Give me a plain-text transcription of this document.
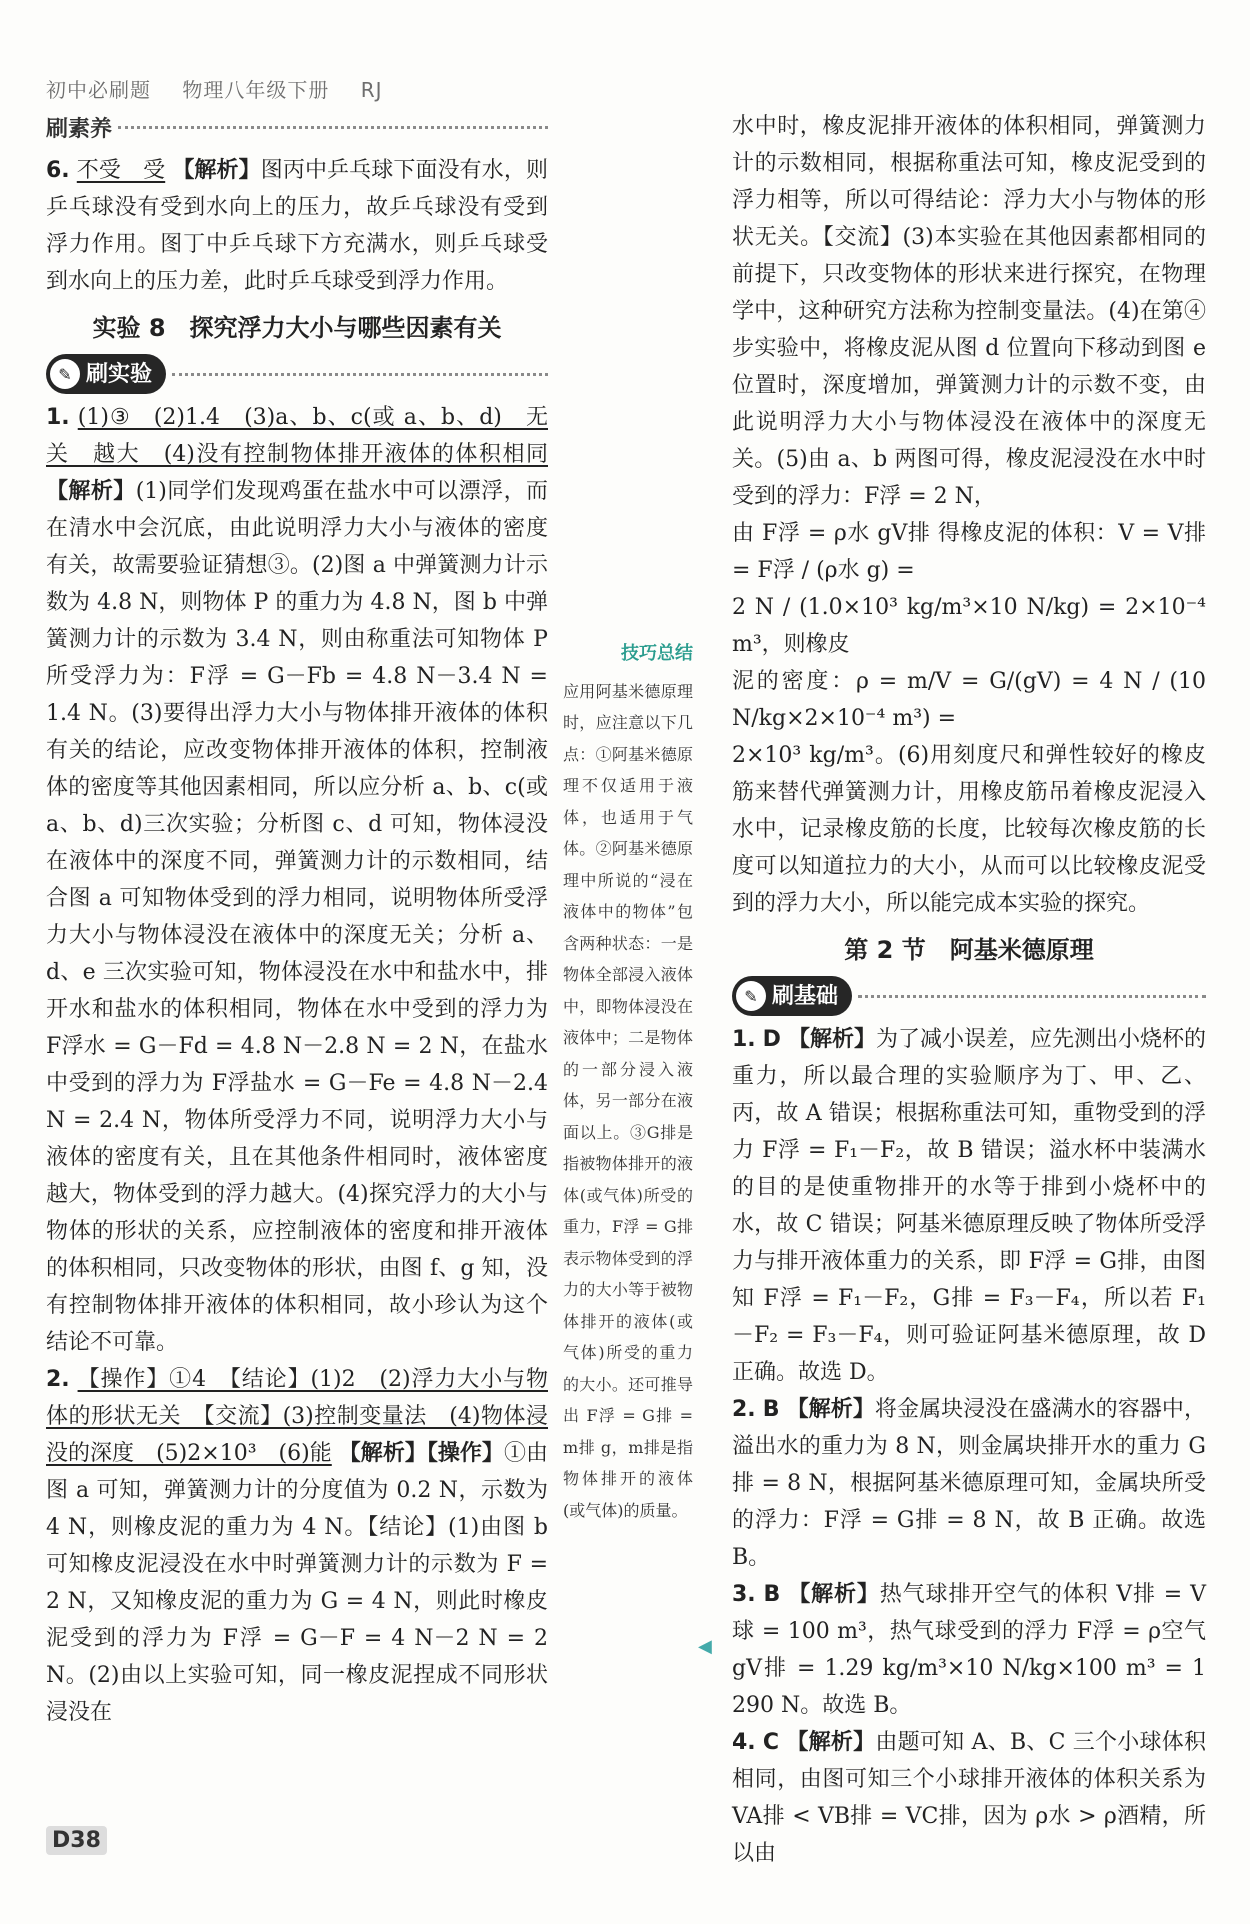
初中必刷题 物理八年级下册 RJ
刷素养

6. 不受　受 【解析】图丙中乒乓球下面没有水，则乒乓球没有受到水向上的压力，故乒乓球没有受到浮力作用。图丁中乒乓球下方充满水，则乒乓球受到水向上的压力差，此时乒乓球受到浮力作用。

实验 8　探究浮力大小与哪些因素有关
✎ 刷实验

1. (1)③　(2)1.4　(3)a、b、c(或 a、b、d)　无关　越大　(4)没有控制物体排开液体的体积相同 【解析】(1)同学们发现鸡蛋在盐水中可以漂浮，而在清水中会沉底，由此说明浮力大小与液体的密度有关，故需要验证猜想③。(2)图 a 中弹簧测力计示数为 4.8 N，则物体 P 的重力为 4.8 N，图 b 中弹簧测力计的示数为 3.4 N，则由称重法可知物体 P 所受浮力为：F浮 = G－Fb = 4.8 N－3.4 N = 1.4 N。(3)要得出浮力大小与物体排开液体的体积有关的结论，应改变物体排开液体的体积，控制液体的密度等其他因素相同，所以应分析 a、b、c(或 a、b、d)三次实验；分析图 c、d 可知，物体浸没在液体中的深度不同，弹簧测力计的示数相同，结合图 a 可知物体受到的浮力相同，说明物体所受浮力大小与物体浸没在液体中的深度无关；分析 a、d、e 三次实验可知，物体浸没在水中和盐水中，排开水和盐水的体积相同，物体在水中受到的浮力为 F浮水 = G－Fd = 4.8 N－2.8 N = 2 N，在盐水中受到的浮力为 F浮盐水 = G－Fe = 4.8 N－2.4 N = 2.4 N，物体所受浮力不同，说明浮力大小与液体的密度有关，且在其他条件相同时，液体密度越大，物体受到的浮力越大。(4)探究浮力的大小与物体的形状的关系，应控制液体的密度和排开液体的体积相同，只改变物体的形状，由图 f、g 知，没有控制物体排开液体的体积相同，故小珍认为这个结论不可靠。

2. 【操作】①4　【结论】(1)2　(2)浮力大小与物体的形状无关　【交流】(3)控制变量法　(4)物体浸没的深度　(5)2×10³　(6)能 【解析】【操作】①由图 a 可知，弹簧测力计的分度值为 0.2 N，示数为 4 N，则橡皮泥的重力为 4 N。【结论】(1)由图 b 可知橡皮泥浸没在水中时弹簧测力计的示数为 F = 2 N，又知橡皮泥的重力为 G = 4 N，则此时橡皮泥受到的浮力为 F浮 = G－F = 4 N－2 N = 2 N。(2)由以上实验可知，同一橡皮泥捏成不同形状浸没在

技巧总结

应用阿基米德原理时，应注意以下几点：①阿基米德原理不仅适用于液体，也适用于气体。②阿基米德原理中所说的“浸在液体中的物体”包含两种状态：一是物体全部浸入液体中，即物体浸没在液体中；二是物体的一部分浸入液体，另一部分在液面以上。③G排是指被物体排开的液体(或气体)所受的重力，F浮 = G排表示物体受到的浮力的大小等于被物体排开的液体(或气体)所受的重力的大小。还可推导出 F浮 = G排 = m排 g，m排是指物体排开的液体(或气体)的质量。

◀

水中时，橡皮泥排开液体的体积相同，弹簧测力计的示数相同，根据称重法可知，橡皮泥受到的浮力相等，所以可得结论：浮力大小与物体的形状无关。【交流】(3)本实验在其他因素都相同的前提下，只改变物体的形状来进行探究，在物理学中，这种研究方法称为控制变量法。(4)在第④步实验中，将橡皮泥从图 d 位置向下移动到图 e 位置时，深度增加，弹簧测力计的示数不变，由此说明浮力大小与物体浸没在液体中的深度无关。(5)由 a、b 两图可得，橡皮泥浸没在水中时受到的浮力：F浮 = 2 N，

由 F浮 = ρ水 gV排 得橡皮泥的体积：V = V排 = F浮 / (ρ水 g) =

2 N / (1.0×10³ kg/m³×10 N/kg) = 2×10⁻⁴ m³，则橡皮

泥的密度：ρ = m/V = G/(gV) = 4 N / (10 N/kg×2×10⁻⁴ m³) =

2×10³ kg/m³。(6)用刻度尺和弹性较好的橡皮筋来替代弹簧测力计，用橡皮筋吊着橡皮泥浸入水中，记录橡皮筋的长度，比较每次橡皮筋的长度可以知道拉力的大小，从而可以比较橡皮泥受到的浮力大小，所以能完成本实验的探究。

第 2 节　阿基米德原理
✎ 刷基础

1. D 【解析】为了减小误差，应先测出小烧杯的重力，所以最合理的实验顺序为丁、甲、乙、丙，故 A 错误；根据称重法可知，重物受到的浮力 F浮 = F₁－F₂，故 B 错误；溢水杯中装满水的目的是使重物排开的水等于排到小烧杯中的水，故 C 错误；阿基米德原理反映了物体所受浮力与排开液体重力的关系，即 F浮 = G排，由图知 F浮 = F₁－F₂，G排 = F₃－F₄，所以若 F₁－F₂ = F₃－F₄，则可验证阿基米德原理，故 D 正确。故选 D。

2. B 【解析】将金属块浸没在盛满水的容器中，溢出水的重力为 8 N，则金属块排开水的重力 G排 = 8 N，根据阿基米德原理可知，金属块所受的浮力：F浮 = G排 = 8 N，故 B 正确。故选 B。

3. B 【解析】热气球排开空气的体积 V排 = V球 = 100 m³，热气球受到的浮力 F浮 = ρ空气 gV排 = 1.29 kg/m³×10 N/kg×100 m³ = 1 290 N。故选 B。

4. C 【解析】由题可知 A、B、C 三个小球体积相同，由图可知三个小球排开液体的体积关系为 VA排 < VB排 = VC排，因为 ρ水 > ρ酒精，所以由

D38
